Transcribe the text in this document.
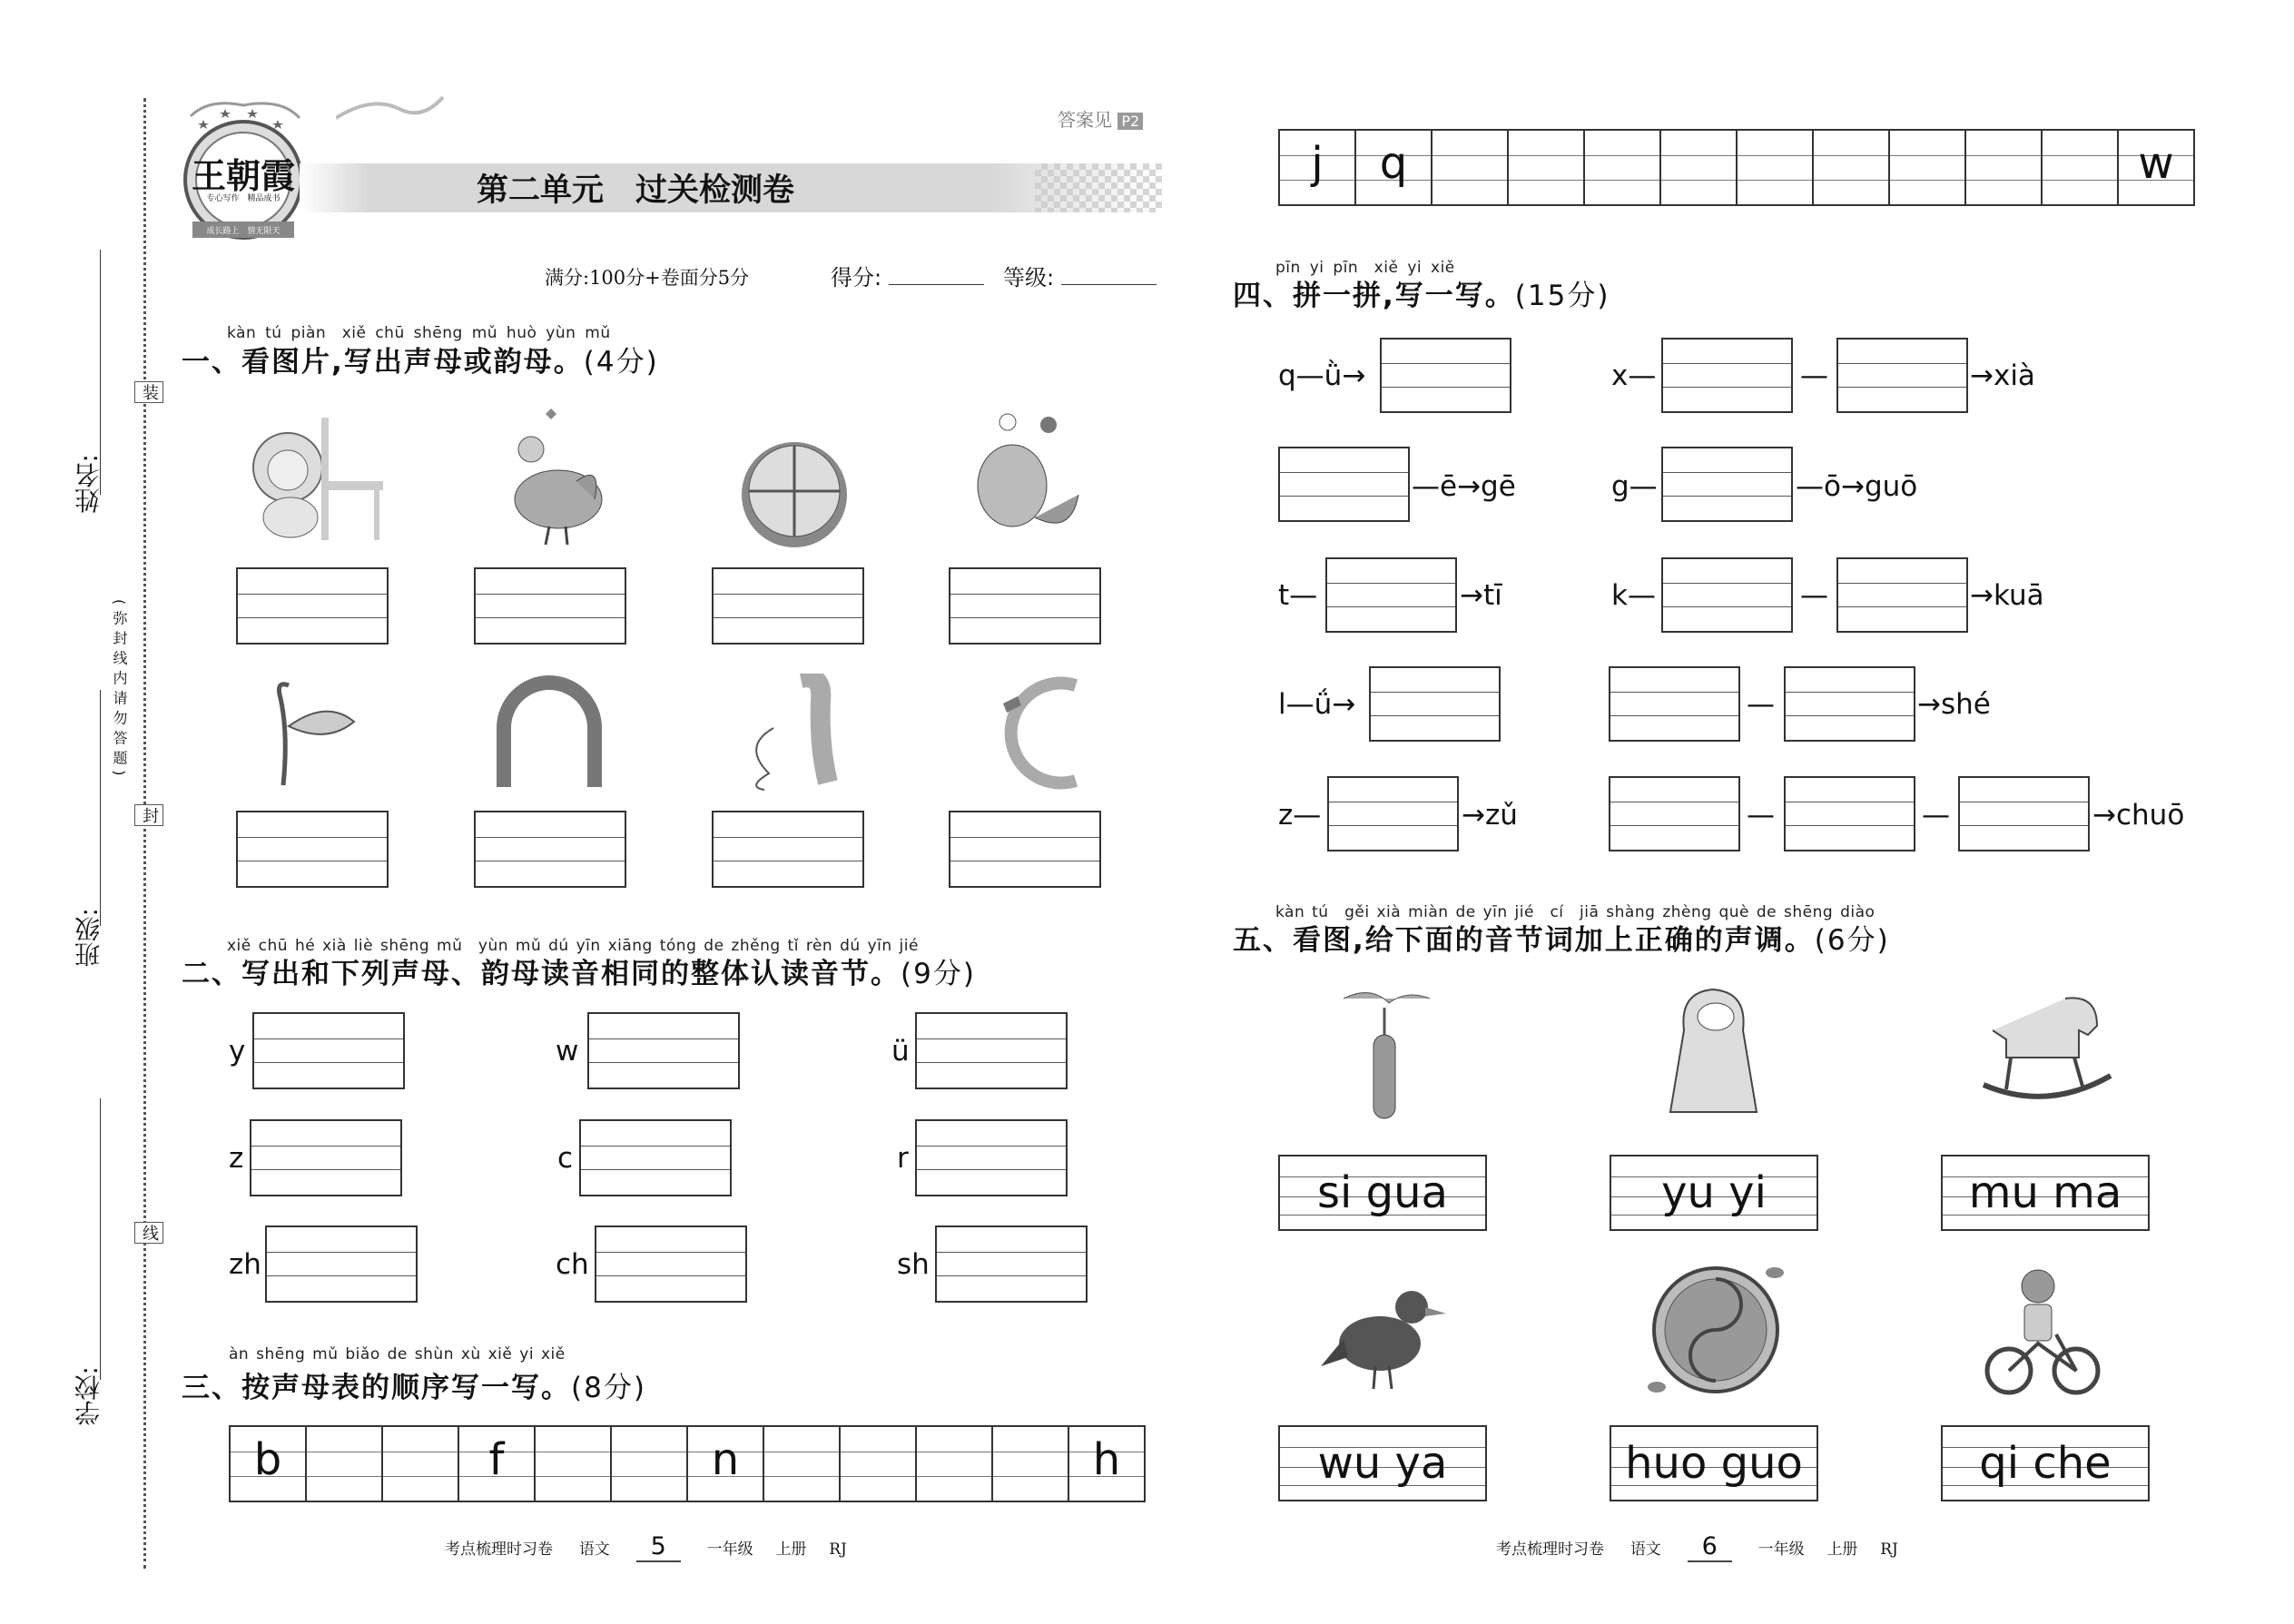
装
封
线
(弥封线内请勿答题)
姓名:
班级:
学校:
王朝霞
专心写作　精品成书
成长路上　情无限天
答案见 P2
第二单元　过关检测卷
满分:100分+卷面分5分	得分:	等级:
kàn tú piàn　xiě chū shēng mǔ huò yùn mǔ
一、看图片,写出声母或韵母。(4分)
xiě chū hé xià liè shēng mǔ　yùn mǔ dú yīn xiāng tóng de zhěng tǐ rèn dú yīn jié
二、写出和下列声母、韵母读音相同的整体认读音节。(9分)
y	w	ü
z	c	r
zh	ch	sh
àn shēng mǔ biǎo de shùn xù xiě yi xiě
三、按声母表的顺序写一写。(8分)
b	f	n	h
j	q	w
pīn yi pīn　xiě yi xiě
四、拼一拼,写一写。(15分)
q—ǜ→	x—	—	→xià
—ē→gē	g—	—ō→guō
t—	→tī	k—	—	→kuā
l—ǘ→	—	→shé
z—	→zǔ	—	—	→chuō
kàn tú　gěi xià miàn de yīn jié　cí　jiā shàng zhèng què de shēng diào
五、看图,给下面的音节词加上正确的声调。(6分)
si gua	yu yi	mu ma
wu ya	huo guo	qi che
考点梳理时习卷 语文 5	一年级 上册 RJ	考点梳理时习卷 语文 6	一年级 上册 RJ
